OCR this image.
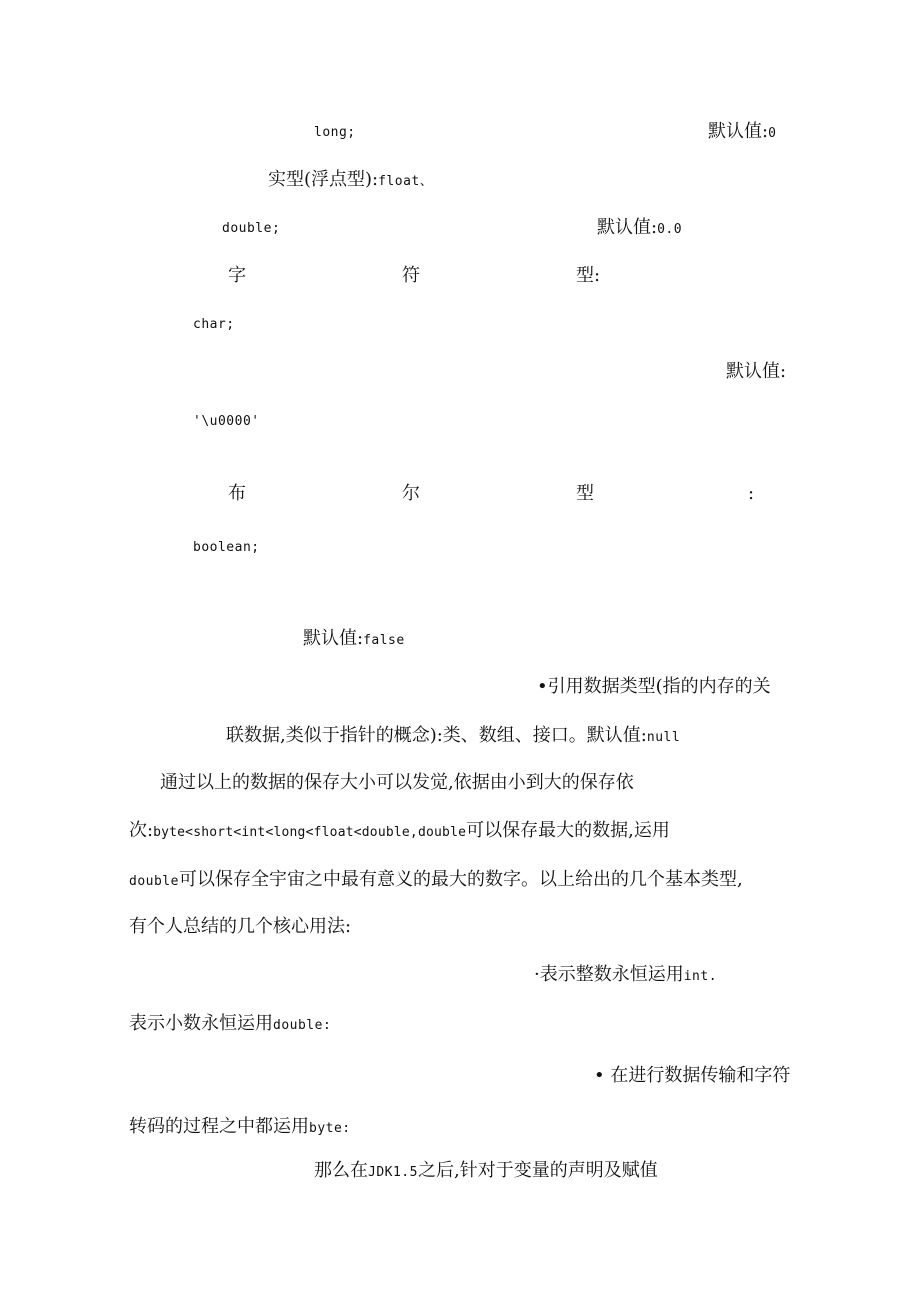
long;	默认值:0
实型(浮点型):float、
double;	默认值:0.0
字	符	型:
char;
默认值:
'\u0000'
布	尔	型	:
boolean;
默认值:false
•引用数据类型(指的内存的关
联数据,类似于指针的概念):类、数组、接口。默认值:null
通过以上的数据的保存大小可以发觉,依据由小到大的保存依
次:byte<short<int<long<float<double,double可以保存最大的数据,运用
double可以保存全宇宙之中最有意义的最大的数字。以上给出的几个基本类型,
有个人总结的几个核心用法:
·表示整数永恒运用int.
表示小数永恒运用double:
• 在进行数据传输和字符
转码的过程之中都运用byte:
那么在JDK1.5之后,针对于变量的声明及赋值
